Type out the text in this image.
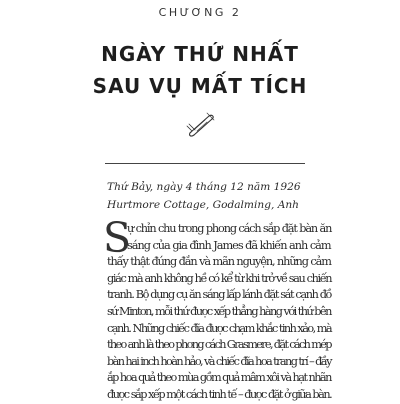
CHƯƠNG 2
NGÀY THỨ NHẤT
SAU VỤ MẤT TÍCH
Thứ Bảy, ngày 4 tháng 12 năm 1926
Hurtmore Cottage, Godalming, Anh
S
ự chỉn chu trong phong cách sắp đặt bàn ăn
sáng của gia đình James đã khiến anh cảm
thấy thật đúng đắn và mãn nguyện, những cảm
giác mà anh không hề có kể từ khi trở về sau chiến
tranh. Bộ dụng cụ ăn sáng lấp lánh đặt sát cạnh đồ
sứ Minton, mỗi thứ được xếp thẳng hàng với thứ bên
cạnh. Những chiếc đĩa được chạm khắc tinh xảo, mà
theo anh là theo phong cách Grasmere, đặt cách mép
bàn hai inch hoàn hảo, và chiếc đĩa hoa trang trí – đầy
ắp hoa quả theo mùa gồm quả mâm xôi và hạt nhãn
được sắp xếp một cách tinh tế – được đặt ở giữa bàn.
